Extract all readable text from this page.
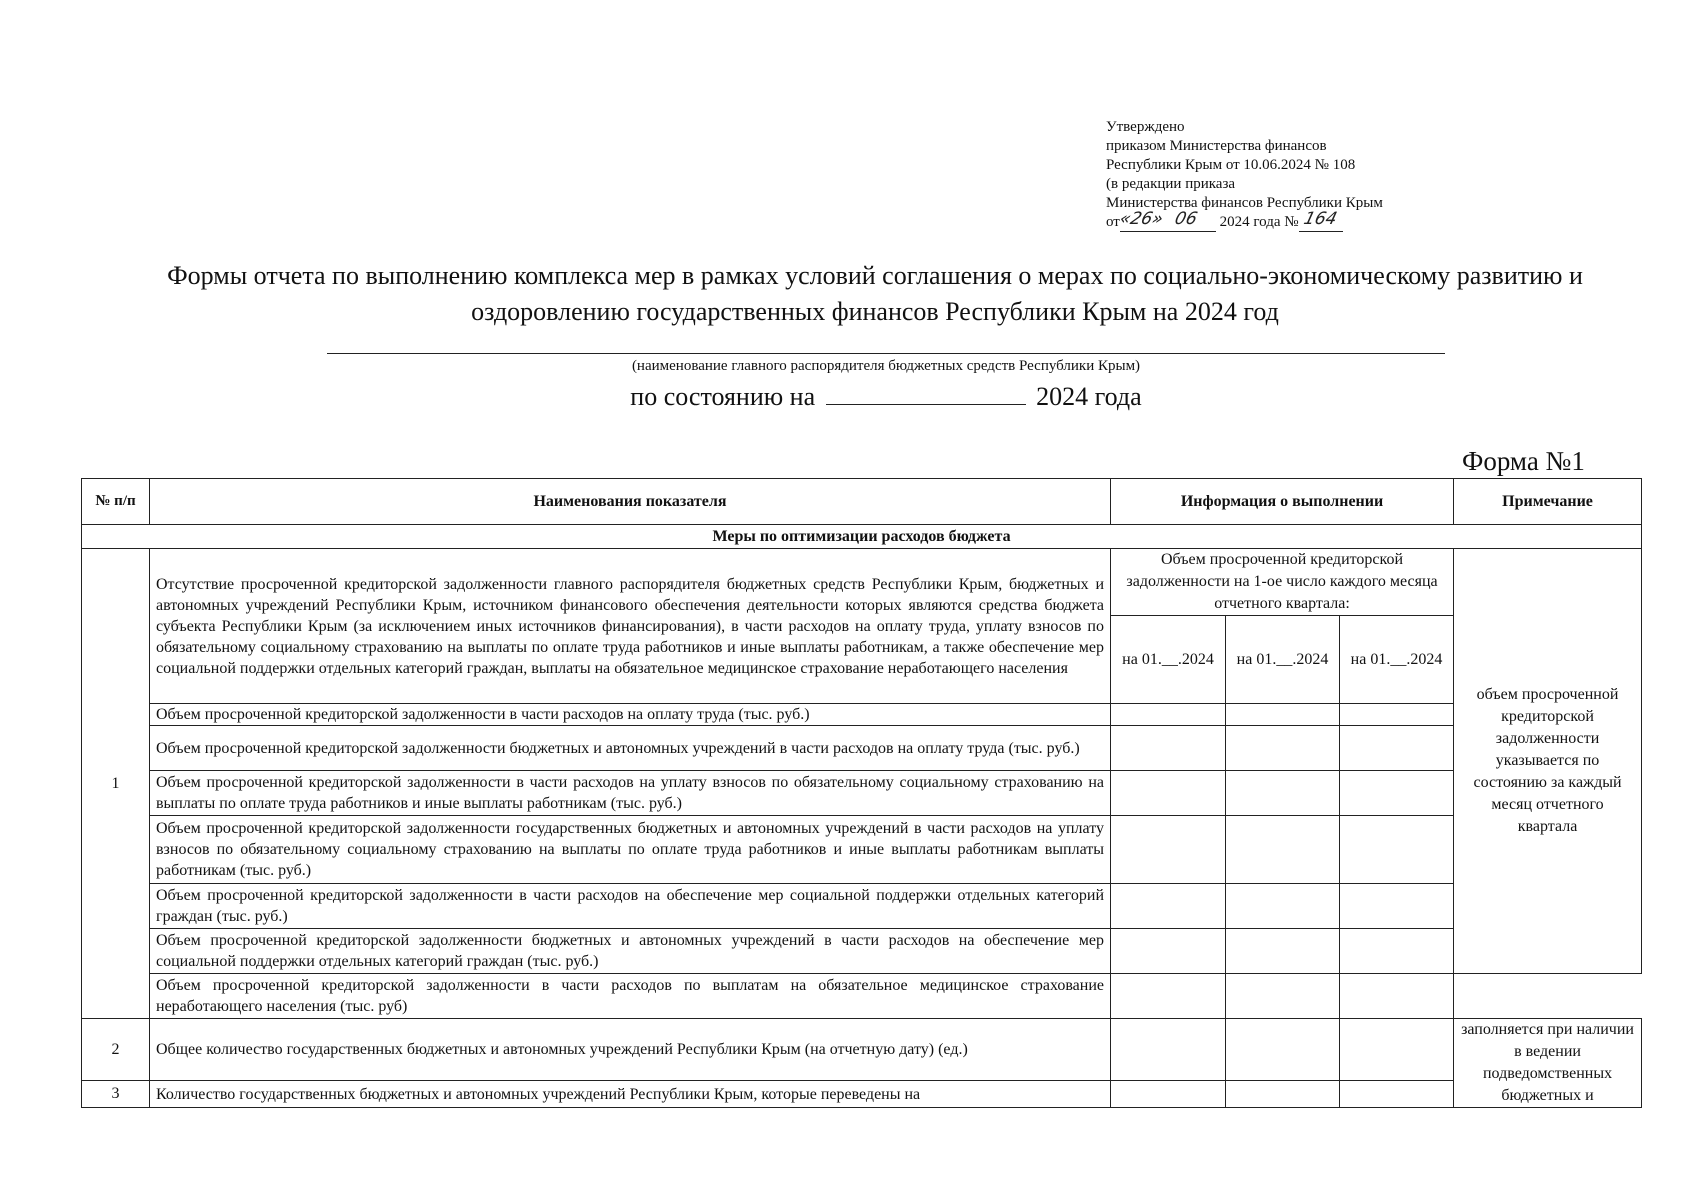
Утверждено
приказом Министерства финансов
Республики Крым от 10.06.2024 № 108
(в редакции приказа
Министерства финансов Республики Крым
от«26» 06 2024 года № 164
Формы отчета по выполнению комплекса мер в рамках условий соглашения о мерах по социально-экономическому развитию и
оздоровлению государственных финансов Республики Крым на 2024 год
(наименование главного распорядителя бюджетных средств Республики Крым)
по состоянию на	2024 года
Форма №1
№ п/п	Наименования показателя	Информация о выполнении			Примечание
Меры по оптимизации расходов бюджета					
1	Отсутствие просроченной кредиторской задолженности главного распорядителя бюджетных средств Республики Крым, бюджетных и автономных учреждений Республики Крым, источником финансового обеспечения деятельности которых являются средства бюджета субъекта Республики Крым (за исключением иных источников финансирования), в части расходов на оплату труда, уплату взносов по обязательному социальному страхованию на выплаты по оплате труда работников и иные выплаты работникам, а также обеспечение мер социальной поддержки отдельных категорий граждан, выплаты на обязательное медицинское страхование неработающего населения	Объем просроченной кредиторской задолженности на 1-ое число каждого месяца отчетного квартала:			объем просроченной кредиторской задолженности указывается по состоянию за каждый месяц отчетного квартала
		на 01.__.2024	на 01.__.2024	на 01.__.2024	
	Объем просроченной кредиторской задолженности в части расходов на оплату труда (тыс. руб.)				
	Объем просроченной кредиторской задолженности бюджетных и автономных учреждений в части расходов на оплату труда (тыс. руб.)				
	Объем просроченной кредиторской задолженности в части расходов на уплату взносов по обязательному социальному страхованию на выплаты по оплате труда работников и иные выплаты работникам (тыс. руб.)				
	Объем просроченной кредиторской задолженности государственных бюджетных и автономных учреждений в части расходов на уплату взносов по обязательному социальному страхованию на выплаты по оплате труда работников и иные выплаты работникам выплаты работникам (тыс. руб.)				
	Объем просроченной кредиторской задолженности в части расходов на обеспечение мер социальной поддержки отдельных категорий граждан (тыс. руб.)				
	Объем просроченной кредиторской задолженности бюджетных и автономных учреждений в части расходов на обеспечение мер социальной поддержки отдельных категорий граждан (тыс. руб.)				
	Объем просроченной кредиторской задолженности в части расходов по выплатам на обязательное медицинское страхование неработающего населения (тыс. руб)				
2	Общее количество государственных бюджетных и автономных учреждений Республики Крым (на отчетную дату) (ед.)				заполняется при наличии в ведении подведомственных бюджетных и
3	Количество государственных бюджетных и автономных учреждений Республики Крым, которые переведены на				
